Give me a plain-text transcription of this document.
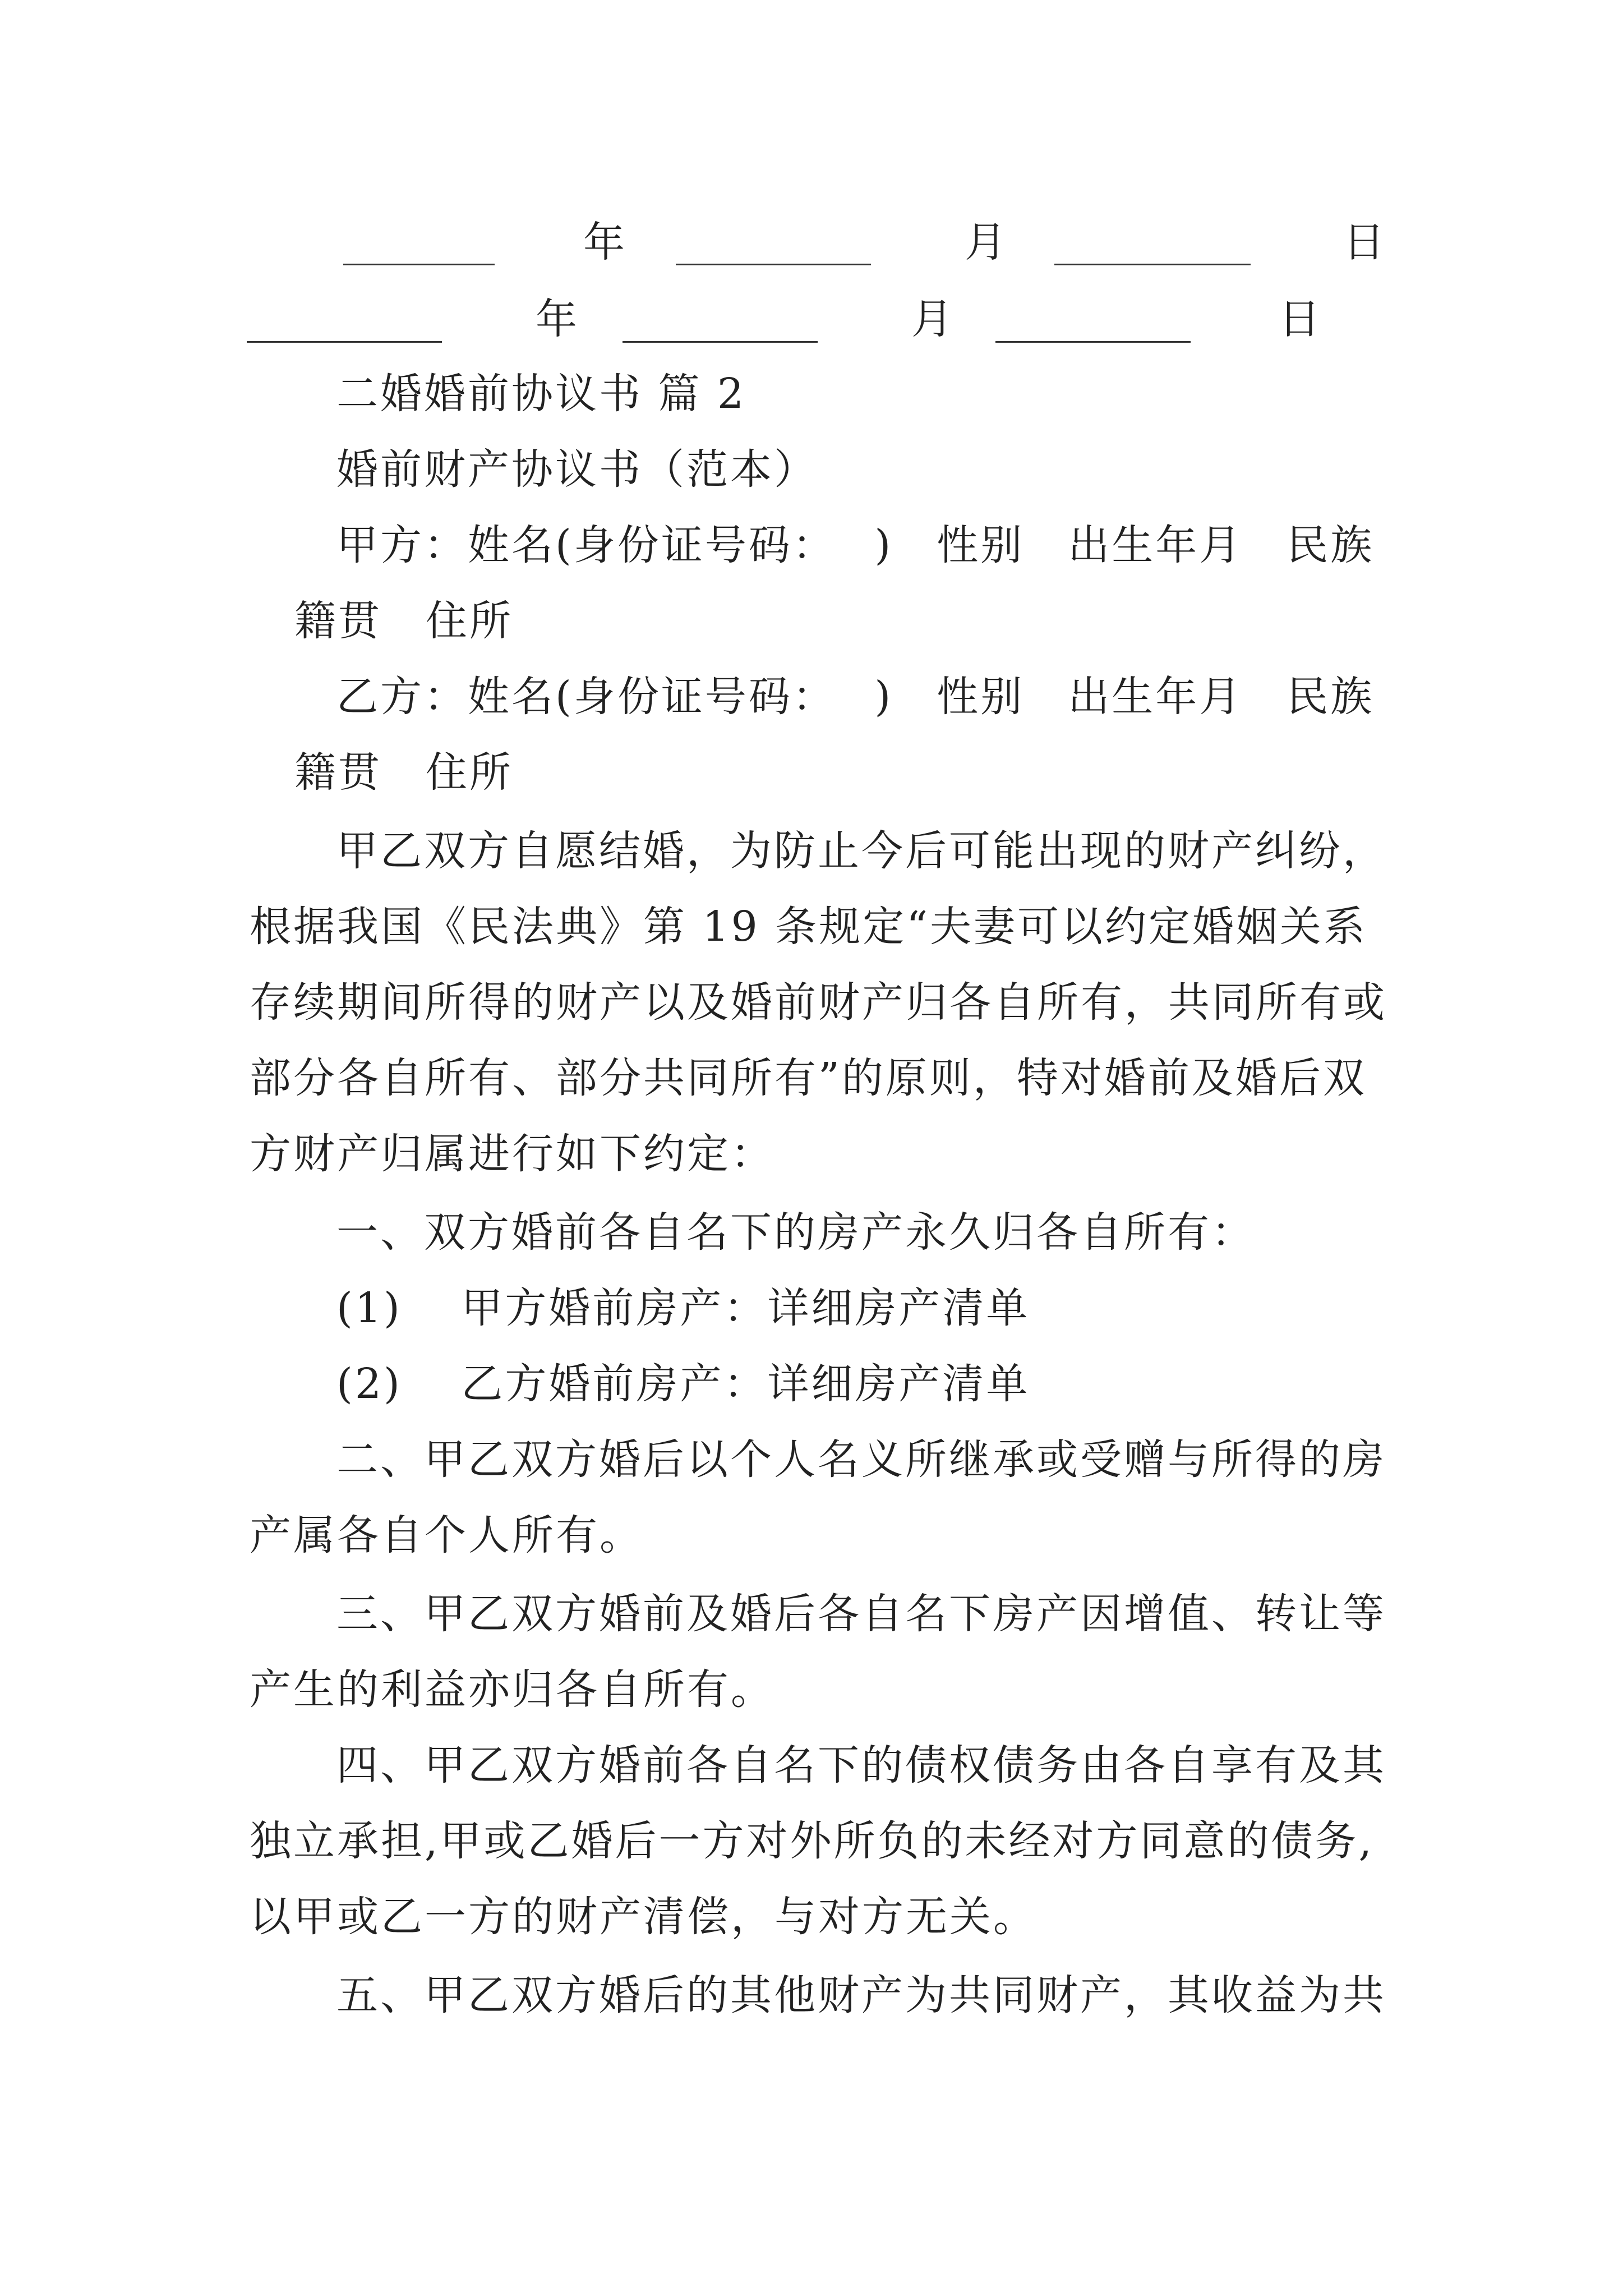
年	月	日
年	月	日
二婚婚前协议书 篇 2
婚前财产协议书（范本）
甲方：姓名(身份证号码：　 )　性别　出生年月　民族
籍贯　住所
乙方：姓名(身份证号码：　 )　性别　出生年月　民族
籍贯　住所
甲乙双方自愿结婚，为防止今后可能出现的财产纠纷，
根据我国《民法典》第 19 条规定“夫妻可以约定婚姻关系
存续期间所得的财产以及婚前财产归各自所有，共同所有或
部分各自所有、部分共同所有”的原则，特对婚前及婚后双
方财产归属进行如下约定：
一、双方婚前各自名下的房产永久归各自所有：
(1)　 甲方婚前房产：详细房产清单
(2)　 乙方婚前房产：详细房产清单
二、甲乙双方婚后以个人名义所继承或受赠与所得的房
产属各自个人所有。
三、甲乙双方婚前及婚后各自名下房产因增值、转让等
产生的利益亦归各自所有。
四、甲乙双方婚前各自名下的债权债务由各自享有及其
独立承担,甲或乙婚后一方对外所负的未经对方同意的债务,
以甲或乙一方的财产清偿，与对方无关。
五、甲乙双方婚后的其他财产为共同财产，其收益为共
